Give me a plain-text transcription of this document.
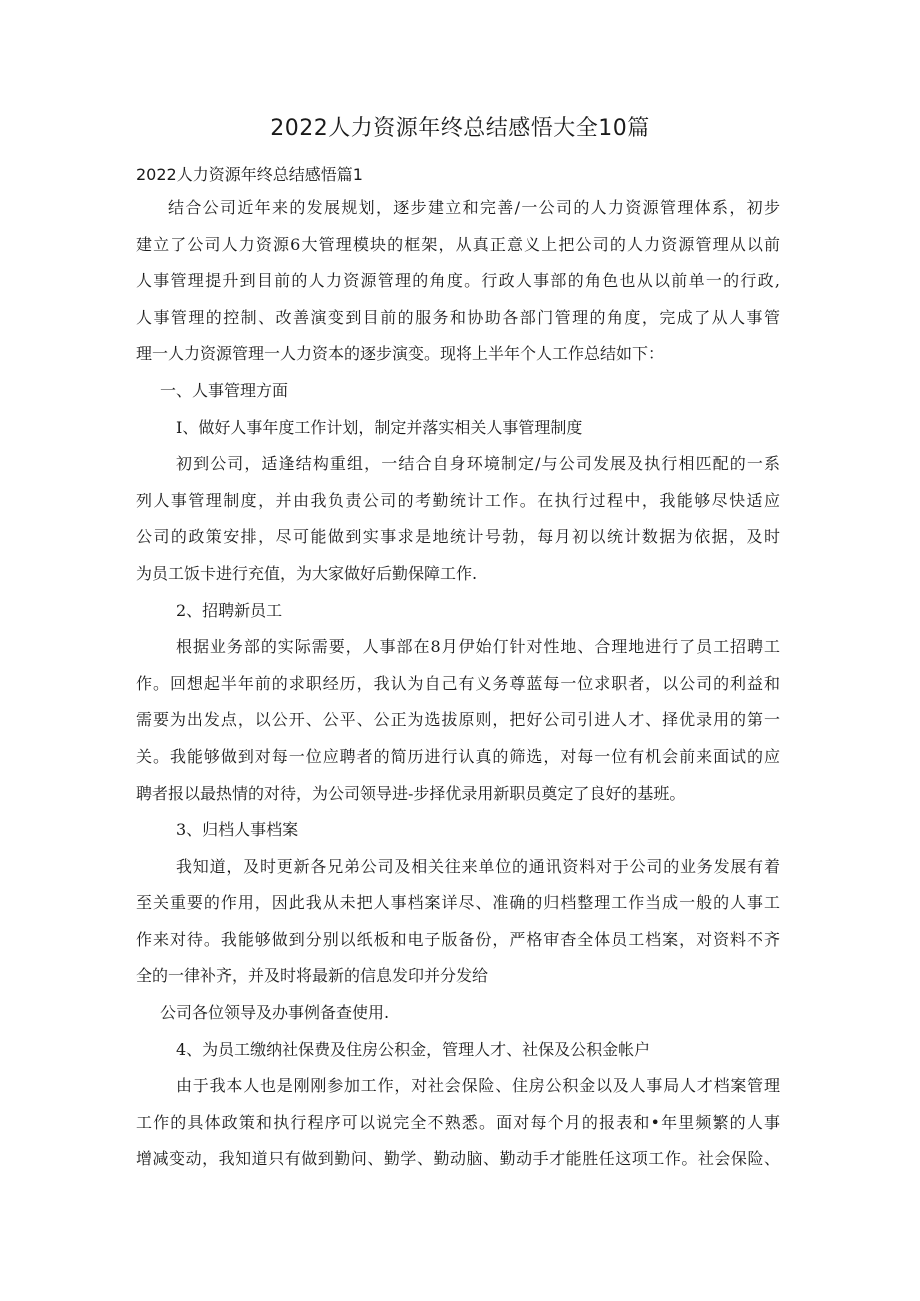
2022人力资源年终总结感悟大全10篇
2022人力资源年终总结感悟篇1
结合公司近年来的发展规划，逐步建立和完善/一公司的人力资源管理体系，初步
建立了公司人力资源6大管理模块的框架，从真正意义上把公司的人力资源管理从以前
人事管理提升到目前的人力资源管理的角度。行政人事部的角色也从以前单一的行政,
人事管理的控制、改善演变到目前的服务和协助各部门管理的角度，完成了从人事管
理一人力资源管理一人力资本的逐步演变。现将上半年个人工作总结如下：
一、人事管理方面
I、做好人事年度工作计划，制定并落实相关人事管理制度
初到公司，适逢结构重组，一结合自身环境制定/与公司发展及执行相匹配的一系
列人事管理制度，并由我负责公司的考勤统计工作。在执行过程中，我能够尽快适应
公司的政策安排，尽可能做到实事求是地统计号勃，每月初以统计数据为依据，及时
为员工饭卡进行充值，为大家做好后勤保障工作.
2、招聘新员工
根据业务部的实际需要，人事部在8月伊始仃针对性地、合理地进行了员工招聘工
作。回想起半年前的求职经历，我认为自己有义务尊蓝每一位求职者，以公司的利益和
需要为出发点，以公开、公平、公正为选拔原则，把好公司引进人才、择优录用的第一
关。我能够做到对每一位应聘者的简历进行认真的筛选，对每一位有机会前来面试的应
聘者报以最热情的对待，为公司领导进-步择优录用新职员奠定了良好的基班。
3、归档人事档案
我知道，及时更新各兄弟公司及相关往来单位的通讯资料对于公司的业务发展有着
至关重要的作用，因此我从未把人事档案详尽、准确的归档整理工作当成一般的人事工
作来对待。我能够做到分别以纸板和电子版备份，严格审杳全体员工档案，对资料不齐
全的一律补齐，并及时将最新的信息发印并分发给
公司各位领导及办事例备查使用.
4、为员工缴纳社保费及住房公积金，管理人才、社保及公积金帐户
由于我本人也是刚刚参加工作，对社会保险、住房公积金以及人事局人才档案管理
工作的具体政策和执行程序可以说完全不熟悉。面对每个月的报表和•年里频繁的人事
增减变动，我知道只有做到勤问、勤学、勤动脑、勤动手才能胜任这项工作。社会保险、
